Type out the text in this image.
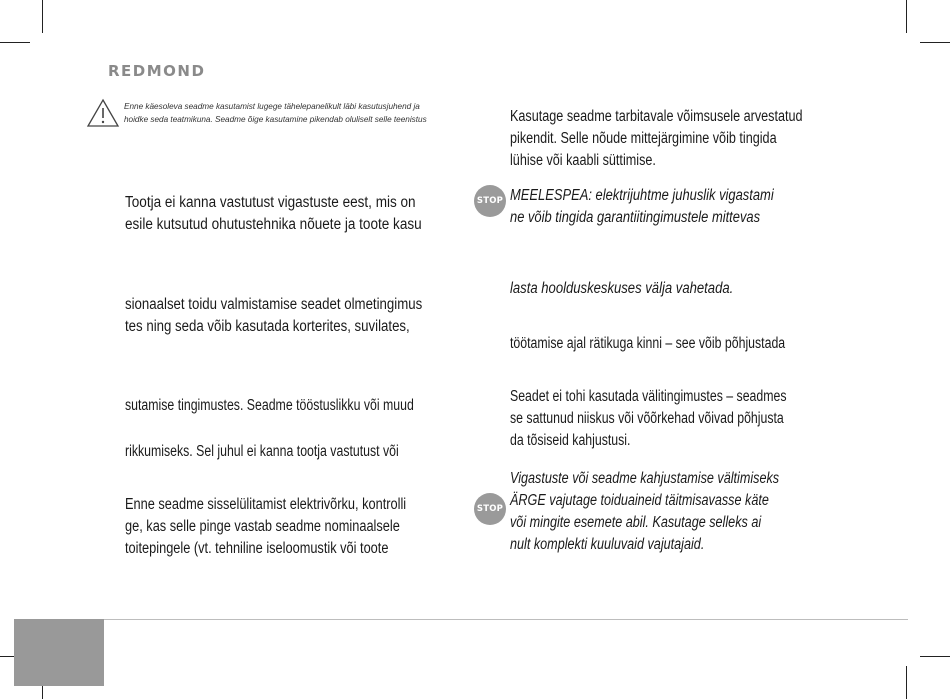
REDMOND
Enne käesoleva seadme kasutamist lugege tähelepanelikult läbi kasutusjuhend ja
hoidke seda teatmikuna. Seadme õige kasutamine pikendab oluliselt selle teenistus
Tootja ei kanna vastutust vigastuste eest, mis on
esile kutsutud ohutustehnika nõuete ja toote kasu
sionaalset toidu valmistamise seadet olmetingimus
tes ning seda võib kasutada korterites, suvilates,
sutamise tingimustes. Seadme tööstuslikku või muud
rikkumiseks. Sel juhul ei kanna tootja vastutust või
Enne seadme sisselülitamist elektrivõrku, kontrolli
ge, kas selle pinge vastab seadme nominaalsele
toitepingele (vt. tehniline iseloomustik või toote
Kasutage seadme tarbitavale võimsusele arvestatud
pikendit. Selle nõude mittejärgimine võib tingida
lühise või kaabli süttimise.
STOP MEELESPEA: elektrijuhtme juhuslik vigastami
ne võib tingida garantiitingimustele mittevas
lasta hoolduskeskuses välja vahetada.
töötamise ajal rätikuga kinni – see võib põhjustada
Seadet ei tohi kasutada välitingimustes – seadmes
se sattunud niiskus või võõrkehad võivad põhjusta
da tõsiseid kahjustusi.
STOP
Vigastuste või seadme kahjustamise vältimiseks
ÄRGE vajutage toiduaineid täitmisavasse käte
või mingite esemete abil. Kasutage selleks ai
nult komplekti kuuluvaid vajutajaid.
